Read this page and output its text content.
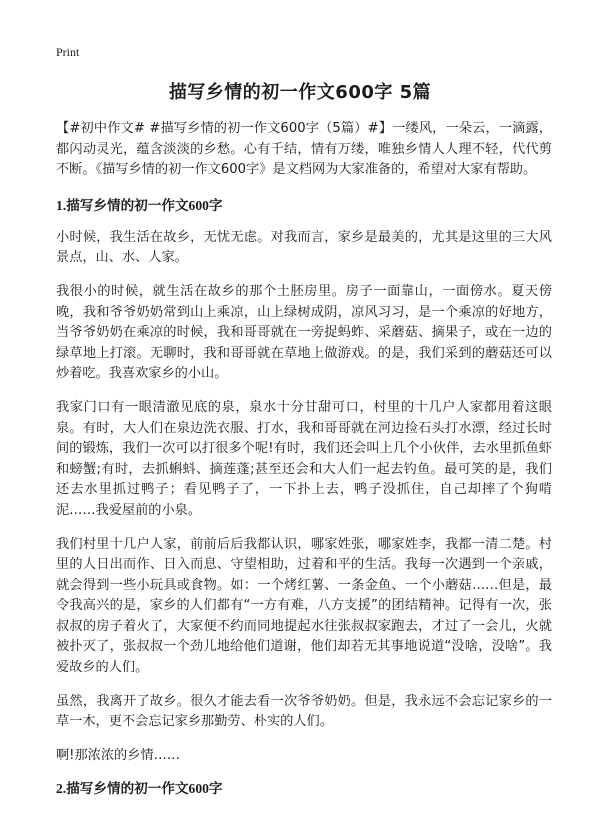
Print
描写乡情的初一作文600字 5篇

【#初中作文# #描写乡情的初一作文600字（5篇）#】一缕风，一朵云，一滴露，都闪动灵光，蕴含淡淡的乡愁。心有千结，情有万缕，唯独乡情人人理不轻，代代剪不断。《描写乡情的初一作文600字》是文档网为大家准备的，希望对大家有帮助。

1.描写乡情的初一作文600字

小时候，我生活在故乡，无忧无虑。对我而言，家乡是最美的，尤其是这里的三大风景点，山、水、人家。

我很小的时候，就生活在故乡的那个土胚房里。房子一面靠山，一面傍水。夏天傍晚，我和爷爷奶奶常到山上乘凉，山上绿树成阴，凉风习习，是一个乘凉的好地方，当爷爷奶奶在乘凉的时候，我和哥哥就在一旁捉蚂蚱、采蘑菇、摘果子，或在一边的绿草地上打滚。无聊时，我和哥哥就在草地上做游戏。的是，我们采到的蘑菇还可以炒着吃。我喜欢家乡的小山。

我家门口有一眼清澈见底的泉，泉水十分甘甜可口，村里的十几户人家都用着这眼泉。有时，大人们在泉边洗衣服、打水，我和哥哥就在河边捡石头打水漂，经过长时间的锻炼，我们一次可以打很多个呢!有时，我们还会叫上几个小伙伴，去水里抓鱼虾和螃蟹;有时，去抓蝌蚪、摘莲蓬;甚至还会和大人们一起去钓鱼。最可笑的是，我们还去水里抓过鸭子；看见鸭子了，一下扑上去，鸭子没抓住，自己却摔了个狗啃泥……我爱屋前的小泉。

我们村里十几户人家，前前后后我都认识，哪家姓张，哪家姓李，我都一清二楚。村里的人日出而作、日入而息、守望相助，过着和平的生活。我每一次遇到一个亲戚，就会得到一些小玩具或食物。如：一个烤红薯、一条金鱼、一个小蘑菇……但是，最令我高兴的是，家乡的人们都有“一方有难，八方支援”的团结精神。记得有一次，张叔叔的房子着火了，大家便不约而同地提起水往张叔叔家跑去，才过了一会儿，火就被扑灭了，张叔叔一个劲儿地给他们道谢，他们却若无其事地说道“没啥，没啥”。我爱故乡的人们。

虽然，我离开了故乡。很久才能去看一次爷爷奶奶。但是，我永远不会忘记家乡的一草一木，更不会忘记家乡那勤劳、朴实的人们。

啊!那浓浓的乡情……

2.描写乡情的初一作文600字
